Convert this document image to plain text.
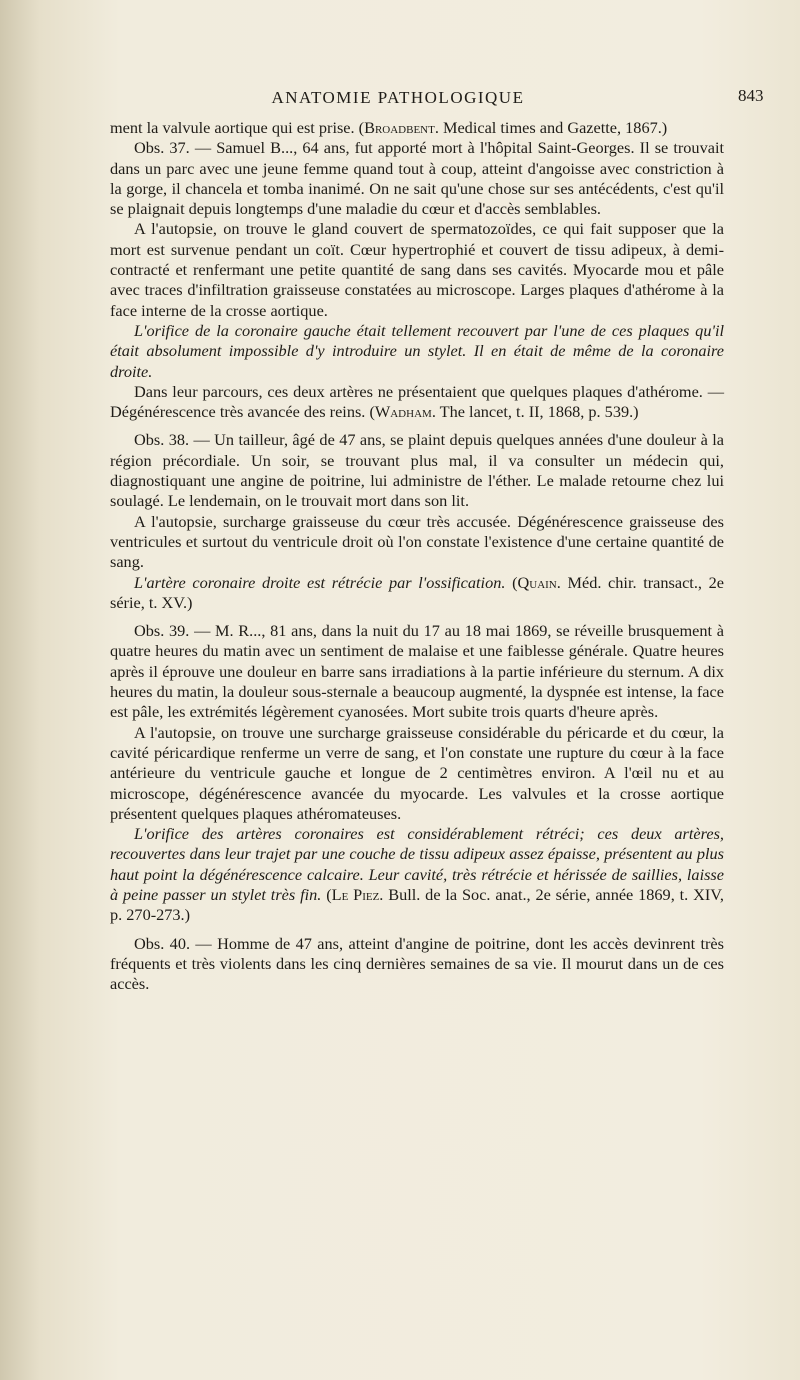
ANATOMIE PATHOLOGIQUE	843

ment la valvule aortique qui est prise. (Broadbent. Medical times and Gazette, 1867.)

Obs. 37. — Samuel B..., 64 ans, fut apporté mort à l'hôpital Saint-Georges. Il se trouvait dans un parc avec une jeune femme quand tout à coup, atteint d'angoisse avec constriction à la gorge, il chancela et tomba inanimé. On ne sait qu'une chose sur ses antécédents, c'est qu'il se plaignait depuis longtemps d'une maladie du cœur et d'accès semblables.

A l'autopsie, on trouve le gland couvert de spermatozoïdes, ce qui fait supposer que la mort est survenue pendant un coït. Cœur hypertrophié et couvert de tissu adipeux, à demi-contracté et renfermant une petite quantité de sang dans ses cavités. Myocarde mou et pâle avec traces d'infiltration graisseuse constatées au microscope. Larges plaques d'athérome à la face interne de la crosse aortique.

L'orifice de la coronaire gauche était tellement recouvert par l'une de ces plaques qu'il était absolument impossible d'y introduire un stylet. Il en était de même de la coronaire droite.

Dans leur parcours, ces deux artères ne présentaient que quelques plaques d'athérome. — Dégénérescence très avancée des reins. (Wadham. The lancet, t. II, 1868, p. 539.)

Obs. 38. — Un tailleur, âgé de 47 ans, se plaint depuis quelques années d'une douleur à la région précordiale. Un soir, se trouvant plus mal, il va consulter un médecin qui, diagnostiquant une angine de poitrine, lui administre de l'éther. Le malade retourne chez lui soulagé. Le lendemain, on le trouvait mort dans son lit.

A l'autopsie, surcharge graisseuse du cœur très accusée. Dégénérescence graisseuse des ventricules et surtout du ventricule droit où l'on constate l'existence d'une certaine quantité de sang.

L'artère coronaire droite est rétrécie par l'ossification. (Quain. Méd. chir. transact., 2e série, t. XV.)

Obs. 39. — M. R..., 81 ans, dans la nuit du 17 au 18 mai 1869, se réveille brusquement à quatre heures du matin avec un sentiment de malaise et une faiblesse générale. Quatre heures après il éprouve une douleur en barre sans irradiations à la partie inférieure du sternum. A dix heures du matin, la douleur sous-sternale a beaucoup augmenté, la dyspnée est intense, la face est pâle, les extrémités légèrement cyanosées. Mort subite trois quarts d'heure après.

A l'autopsie, on trouve une surcharge graisseuse considérable du péricarde et du cœur, la cavité péricardique renferme un verre de sang, et l'on constate une rupture du cœur à la face antérieure du ventricule gauche et longue de 2 centimètres environ. A l'œil nu et au microscope, dégénérescence avancée du myocarde. Les valvules et la crosse aortique présentent quelques plaques athéromateuses.

L'orifice des artères coronaires est considérablement rétréci; ces deux artères, recouvertes dans leur trajet par une couche de tissu adipeux assez épaisse, présentent au plus haut point la dégénérescence calcaire. Leur cavité, très rétrécie et hérissée de saillies, laisse à peine passer un stylet très fin. (Le Piez. Bull. de la Soc. anat., 2e série, année 1869, t. XIV, p. 270-273.)

Obs. 40. — Homme de 47 ans, atteint d'angine de poitrine, dont les accès devinrent très fréquents et très violents dans les cinq dernières semaines de sa vie. Il mourut dans un de ces accès.
